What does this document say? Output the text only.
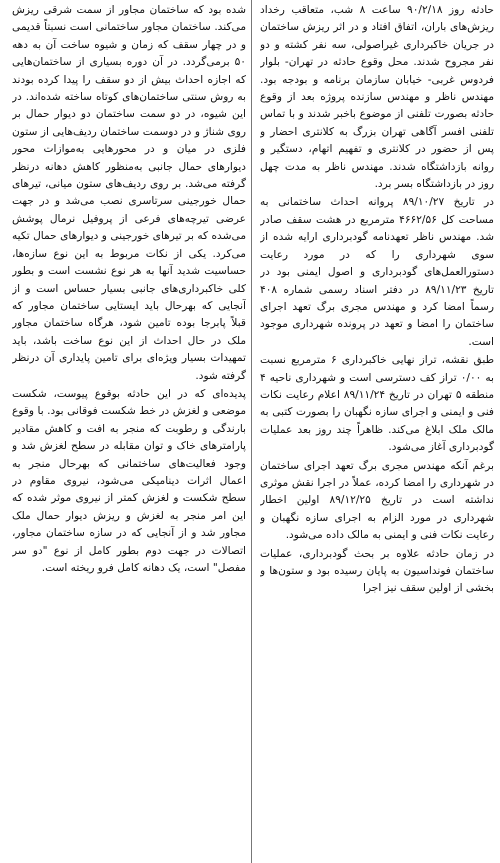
حادثه روز ۹۰/۲/۱۸ ساعت ۸ شب، متعاقب رخداد ریزش‌های باران، اتفاق افتاد و در اثر ریزش ساختمان در جریان خاکبرداری غیراصولی، سه نفر کشته و دو نفر مجروح شدند. محل وقوع حادثه در تهران- بلوار فردوس غربی- خیابان سازمان برنامه و بودجه بود. مهندس ناظر و مهندس سازنده پروژه بعد از وقوع حادثه بصورت تلفنی از موضوع باخبر شدند و با تماس تلفنی افسر آگاهی تهران بزرگ به کلانتری احضار و پس از حضور در کلانتری و تفهیم اتهام، دستگیر و روانه بازداشتگاه شدند. مهندس ناظر به مدت چهل روز در بازداشتگاه بسر برد.

در تاریخ ۸۹/۱۰/۲۷ پروانه احداث ساختمانی به مساحت کل ۴۶۶۲/۵۶ مترمربع در هشت سقف صادر شد. مهندس ناظر تعهدنامه گودبرداری ارایه شده از سوی شهرداری را که در مورد رعایت دستورالعمل‌های گودبرداری و اصول ایمنی بود در تاریخ ۸۹/۱۱/۲۳ در دفتر اسناد رسمی شماره ۴۰۸ رسماً امضا کرد و مهندس مجری برگ تعهد اجرای ساختمان را امضا و تعهد در پرونده شهرداری موجود است.

طبق نقشه، تراز نهایی خاکبرداری ۶ مترمربع نسبت به ۰/۰۰ تراز کف دسترسی است و شهرداری ناحیه ۴ منطقه ۵ تهران در تاریخ ۸۹/۱۱/۲۴ اعلام رعایت نکات فنی و ایمنی و اجرای سازه نگهبان را بصورت کتبی به مالک ملک ابلاغ می‌کند. ظاهراً چند روز بعد عملیات گودبرداری آغاز می‌شود.

برغم آنکه مهندس مجری برگ تعهد اجرای ساختمان در شهرداری را امضا کرده، عملاً در اجرا نقش موثری نداشته است در تاریخ ۸۹/۱۲/۲۵ اولین اخطار شهرداری در مورد الزام به اجرای سازه نگهبان و رعایت نکات فنی و ایمنی به مالک داده می‌شود.

در زمان حادثه علاوه بر بحث گودبرداری، عملیات ساختمان فونداسیون به پایان رسیده بود و ستون‌ها و بخشی از اولین سقف نیز اجرا

شده بود که ساختمان مجاور از سمت شرقی ریزش می‌کند. ساختمان مجاور ساختمانی است نسبتاً قدیمی و در چهار سقف که زمان و شیوه ساخت آن به دهه ۵۰ برمی‌گردد. در آن دوره بسیاری از ساختمان‌هایی که اجازه احداث بیش از دو سقف را پیدا کرده بودند به روش سنتی ساختمان‌های کوتاه ساخته شده‌اند. در این شیوه، در دو سمت ساختمان دو دیوار حمال بر روی شناژ و در دوسمت ساختمان ردیف‌هایی از ستون فلزی در میان و در محورهایی به‌موازات محور دیوارهای حمال جانبی به‌منظور کاهش دهانه درنظر گرفته می‌شد. بر روی ردیف‌های ستون میانی، تیرهای حمال خورجینی سرتاسری نصب می‌شد و در جهت عرضی تیرچه‌های فرعی از پروفیل نرمال پوشش می‌شده که بر تیرهای خورجینی و دیوارهای حمال تکیه می‌کرد. یکی از نکات مربوط به این نوع سازه‌ها، حساسیت شدید آنها به هر نوع نشست است و بطور کلی خاکبرداری‌های جانبی بسیار حساس است و از آنجایی که بهرحال باید ایستایی ساختمان مجاور که قبلاً پابرجا بوده تامین شود، هرگاه ساختمان مجاور ملک در حال احداث از این نوع ساخت باشد، باید تمهیدات بسیار ویژه‌ای برای تامین پایداری آن درنظر گرفته شود.

پدیده‌ای که در این حادثه بوقوع پیوست، شکست موضعی و لغزش در خط شکست فوقانی بود. با وقوع بارندگی و رطوبت که منجر به افت و کاهش مقادیر پارامترهای خاک و توان مقابله در سطح لغزش شد و وجود فعالیت‌های ساختمانی که بهرحال منجر به اعمال اثرات دینامیکی می‌شود، نیروی مقاوم در سطح شکست و لغزش کمتر از نیروی موثر شده که این امر منجر به لغزش و ریزش دیوار حمال ملک مجاور شد و از آنجایی که در سازه ساختمان مجاور، اتصالات در جهت دوم بطور کامل از نوع "دو سر مفصل" است، یک دهانه کامل فرو ریخته است.
